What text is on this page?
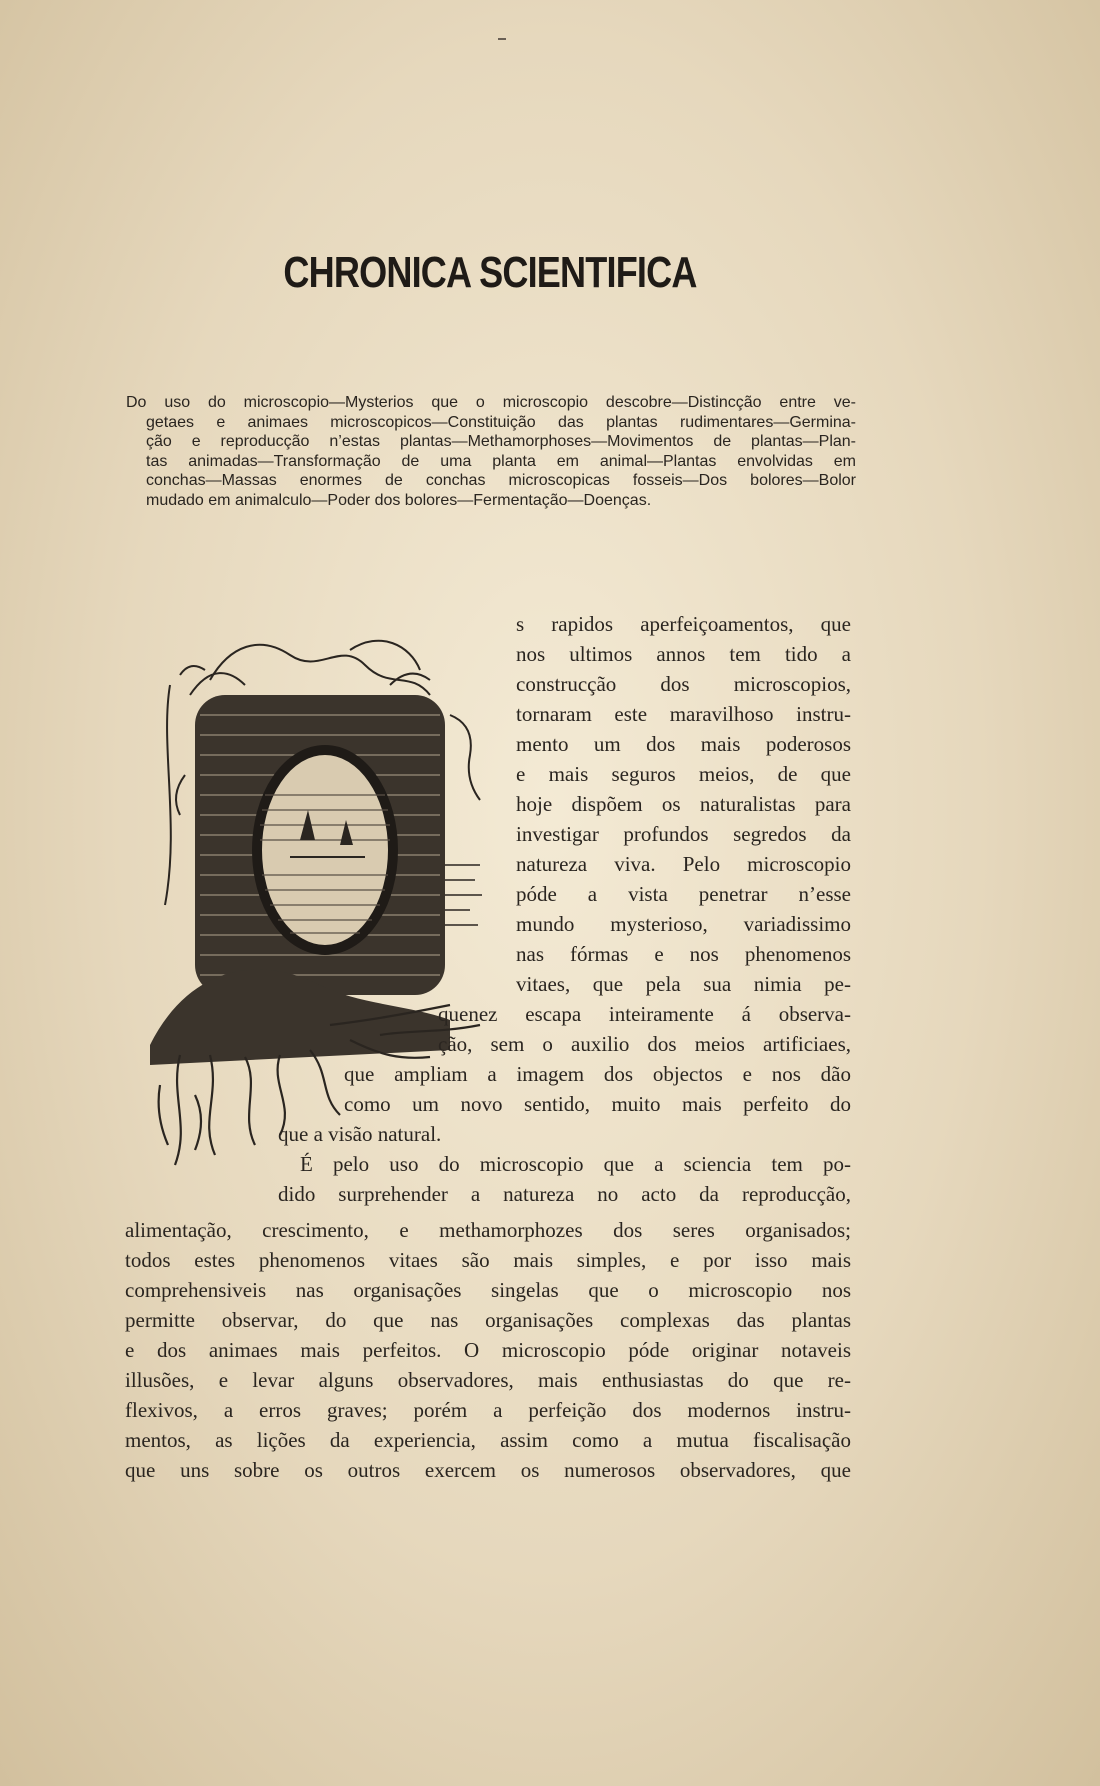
CHRONICA SCIENTIFICA
Do uso do microscopio—Mysterios que o microscopio descobre—Distincção entre ve-
getaes e animaes microscopicos—Constituição das plantas rudimentares—Germina-
ção e reproducção n’estas plantas—Methamorphoses—Movimentos de plantas—Plan-
tas animadas—Transformação de uma planta em animal—Plantas envolvidas em
conchas—Massas enormes de conchas microscopicas fosseis—Dos bolores—Bolor
mudado em animalculo—Poder dos bolores—Fermentação—Doenças.
s rapidos aperfeiçoamentos, que
nos ultimos annos tem tido a
construcção dos microscopios,
tornaram este maravilhoso instru-
mento um dos mais poderosos
e mais seguros meios, de que
hoje dispõem os naturalistas para
investigar profundos segredos da
natureza viva. Pelo microscopio
póde a vista penetrar n’esse
mundo mysterioso, variadissimo
nas fórmas e nos phenomenos
vitaes, que pela sua nimia pe-
quenez escapa inteiramente á observa-
ção, sem o auxilio dos meios artificiaes,
que ampliam a imagem dos objectos e nos dão
como um novo sentido, muito mais perfeito do
que a visão natural.
É pelo uso do microscopio que a sciencia tem po-
dido surprehender a natureza no acto da reproducção,
alimentação, crescimento, e methamorphozes dos seres organisados;
todos estes phenomenos vitaes são mais simples, e por isso mais
comprehensiveis nas organisações singelas que o microscopio nos
permitte observar, do que nas organisações complexas das plantas
e dos animaes mais perfeitos. O microscopio póde originar notaveis
illusões, e levar alguns observadores, mais enthusiastas do que re-
flexivos, a erros graves; porém a perfeição dos modernos instru-
mentos, as lições da experiencia, assim como a mutua fiscalisação
que uns sobre os outros exercem os numerosos observadores, que
